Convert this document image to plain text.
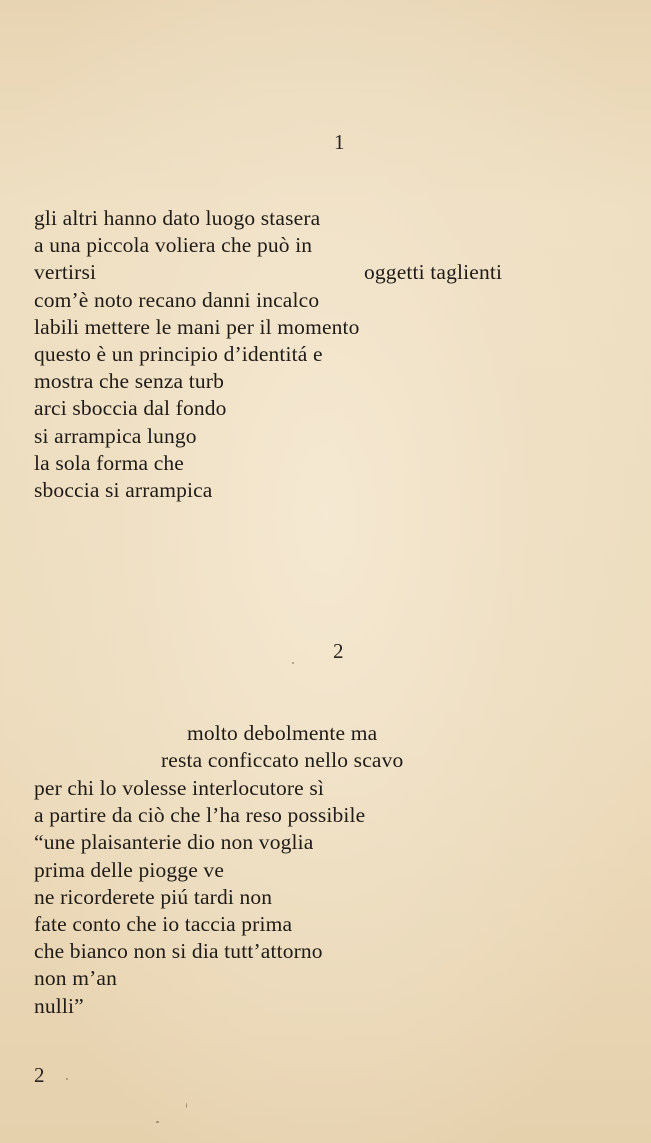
1
gli altri hanno dato luogo stasera
a una piccola voliera che può in
vertirsi	oggetti taglienti
com’è noto recano danni incalco
labili mettere le mani per il momento
questo è un principio d’identitá e
mostra che senza turb
arci sboccia dal fondo
si arrampica lungo
la sola forma che
sboccia si arrampica
2
molto debolmente ma
resta conficcato nello scavo
per chi lo volesse interlocutore sì
a partire da ciò che l’ha reso possibile
“une plaisanterie dio non voglia
prima delle piogge ve
ne ricorderete piú tardi non
fate conto che io taccia prima
che bianco non si dia tutt’attorno
non m’an
nulli”
2
